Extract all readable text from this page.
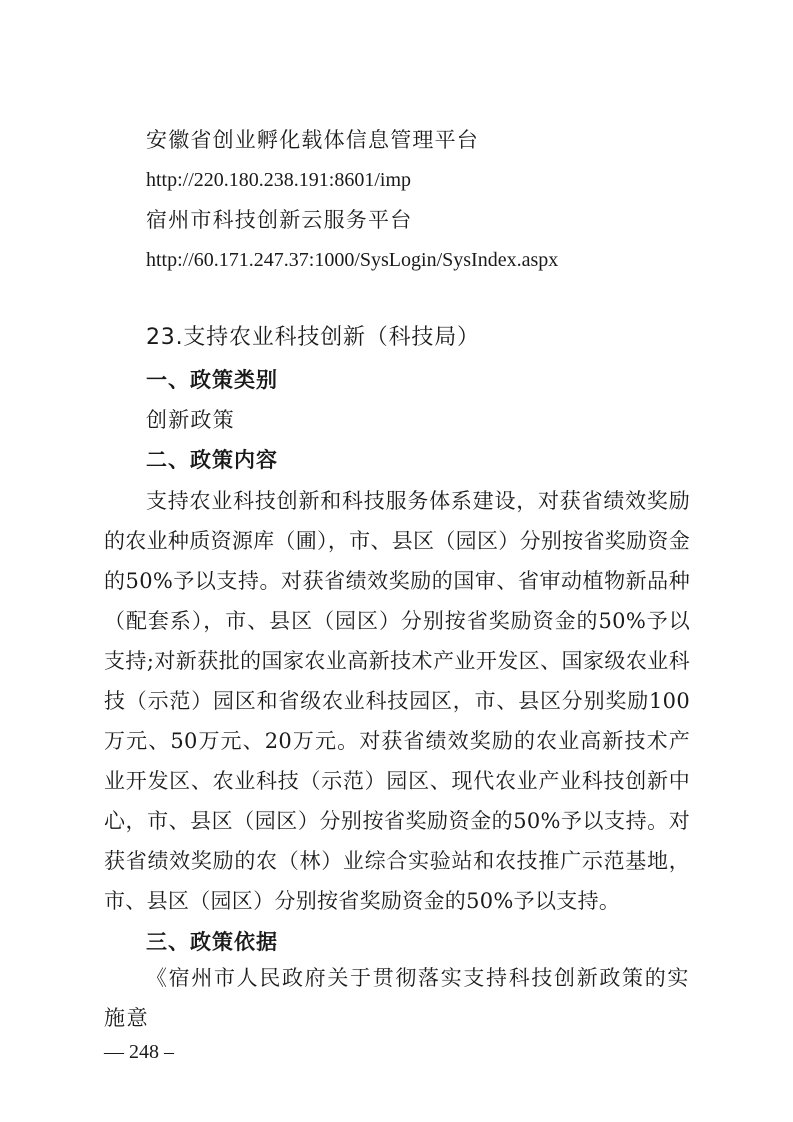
安徽省创业孵化载体信息管理平台
http://220.180.238.191:8601/imp
宿州市科技创新云服务平台
http://60.171.247.37:1000/SysLogin/SysIndex.aspx
23.支持农业科技创新（科技局）
一、政策类别
创新政策
二、政策内容
支持农业科技创新和科技服务体系建设，对获省绩效奖励的农业种质资源库（圃），市、县区（园区）分别按省奖励资金的50%予以支持。对获省绩效奖励的国审、省审动植物新品种（配套系），市、县区（园区）分别按省奖励资金的50%予以支持;对新获批的国家农业高新技术产业开发区、国家级农业科技（示范）园区和省级农业科技园区，市、县区分别奖励100万元、50万元、20万元。对获省绩效奖励的农业高新技术产业开发区、农业科技（示范）园区、现代农业产业科技创新中心，市、县区（园区）分别按省奖励资金的50%予以支持。对获省绩效奖励的农（林）业综合实验站和农技推广示范基地，市、县区（园区）分别按省奖励资金的50%予以支持。
三、政策依据
《宿州市人民政府关于贯彻落实支持科技创新政策的实施意
— 248 –
